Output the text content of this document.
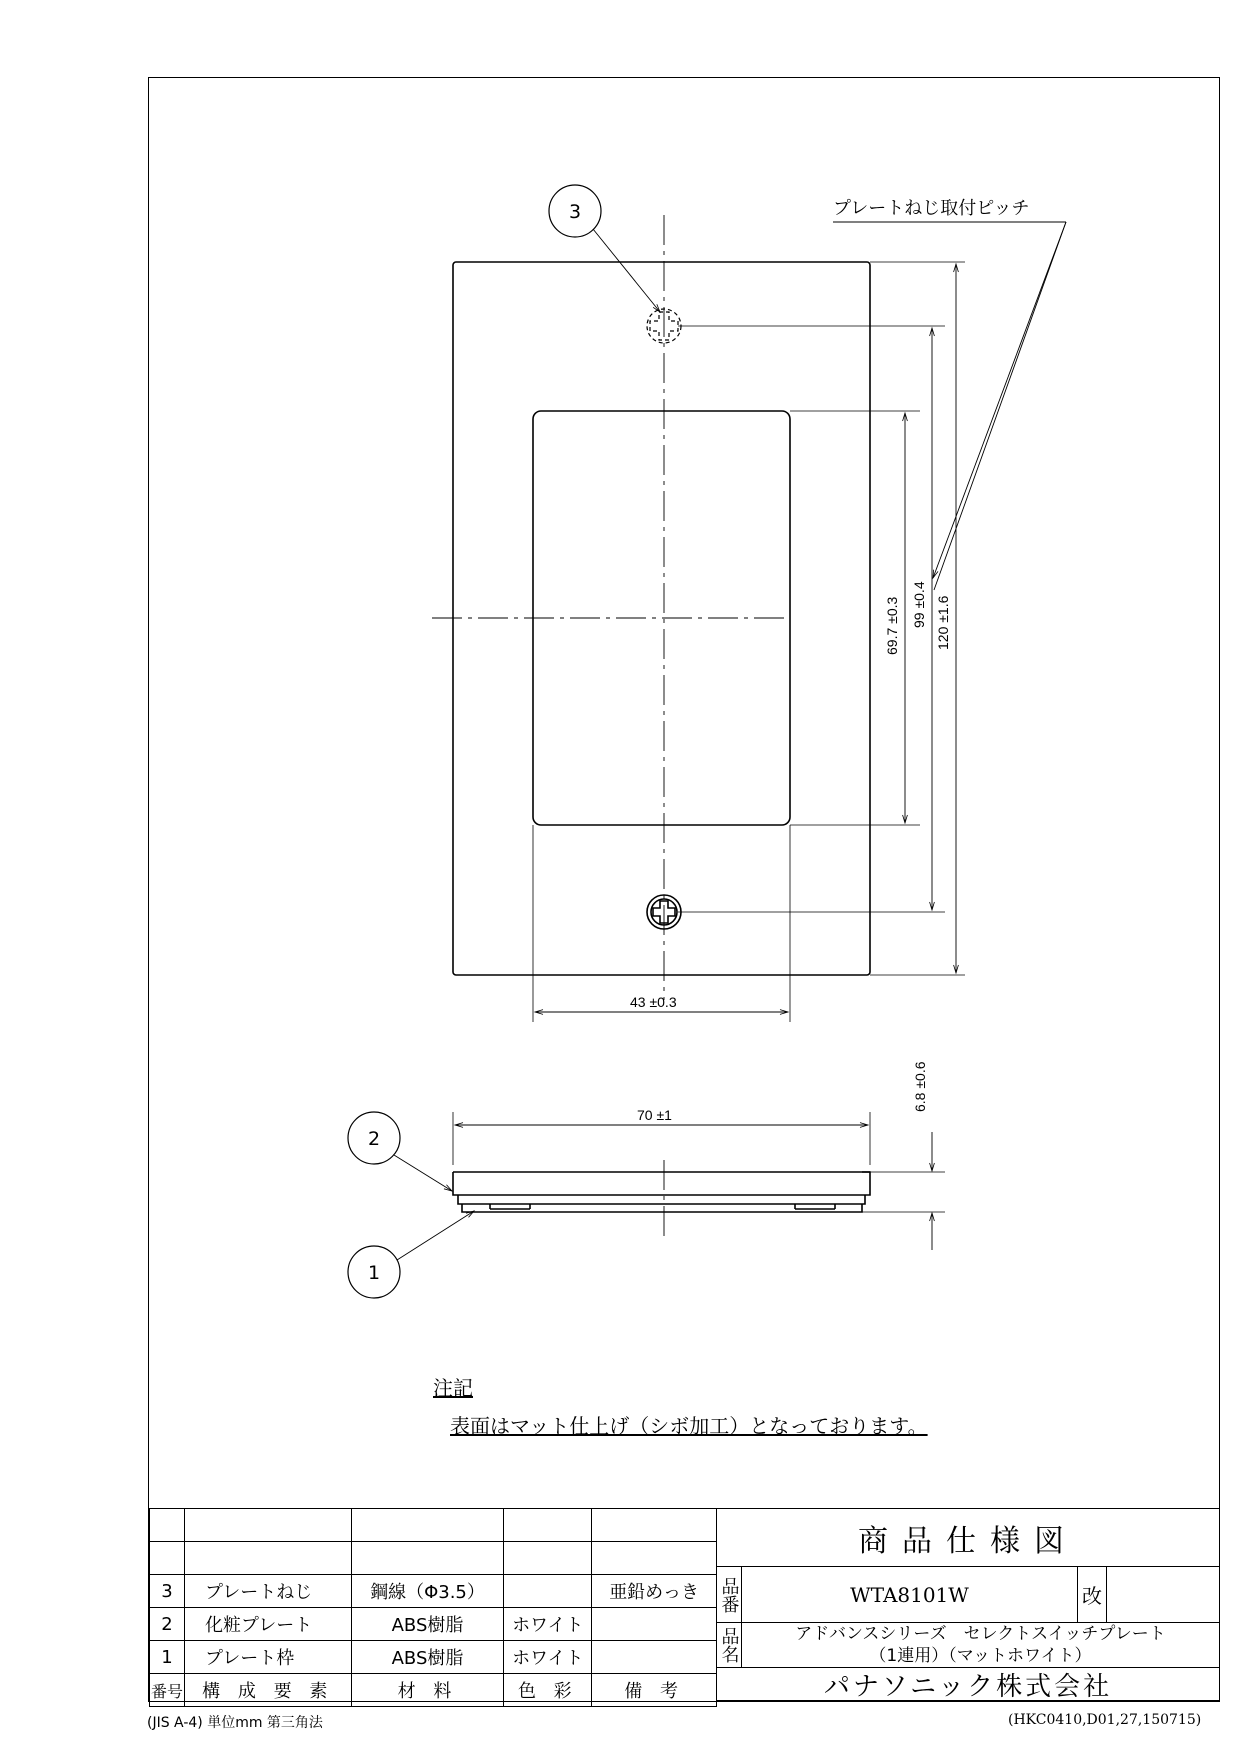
120 ±1.6
99 ±0.4
69.7 ±0.3
43 ±0.3
70 ±1
6.8 ±0.6
プレートねじ取付ピッチ
3
2
1
注記
表面はマット仕上げ（シボ加工）となっております。

3	プレートねじ	鋼線（Φ3.5）		亜鉛めっき
2	化粧プレート	ABS樹脂	ホワイト	
1	プレート枠	ABS樹脂	ホワイト	
番号	構 成 要 素	材 料	色 彩	備 考
商品仕様図
品番	WTA8101W	改
品名	アドバンスシリーズ　セレクトスイッチプレート
（1連用）（マットホワイト）
パナソニック株式会社
(JIS A-4) 単位mm 第三角法	(HKC0410,D01,27,150715)
